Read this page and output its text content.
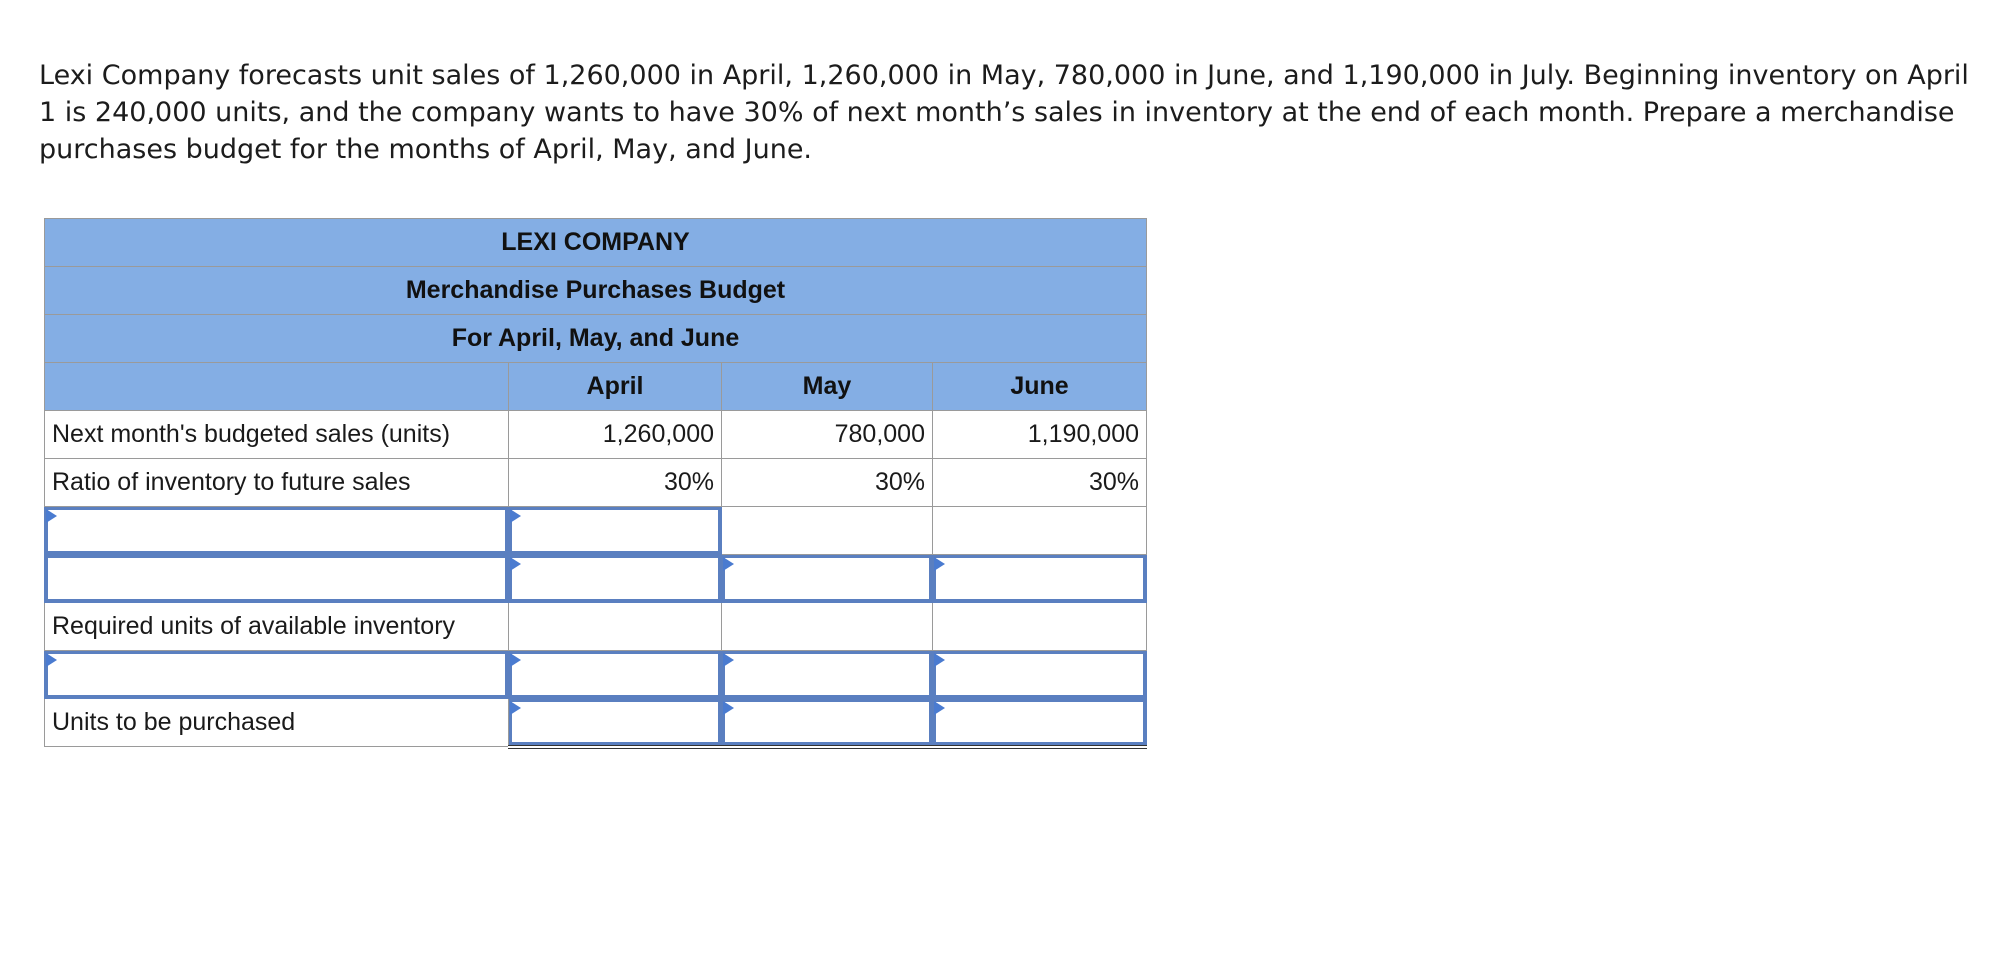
Lexi Company forecasts unit sales of 1,260,000 in April, 1,260,000 in May, 780,000 in June, and 1,190,000 in July. Beginning inventory on April 1 is 240,000 units, and the company wants to have 30% of next month’s sales in inventory at the end of each month. Prepare a merchandise purchases budget for the months of April, May, and June.

LEXI COMPANY			
Merchandise Purchases Budget			
For April, May, and June			
	April	May	June
Next month's budgeted sales (units)	1,260,000	780,000	1,190,000
Ratio of inventory to future sales	30%	30%	30%

Required units of available inventory			

Units to be purchased			
